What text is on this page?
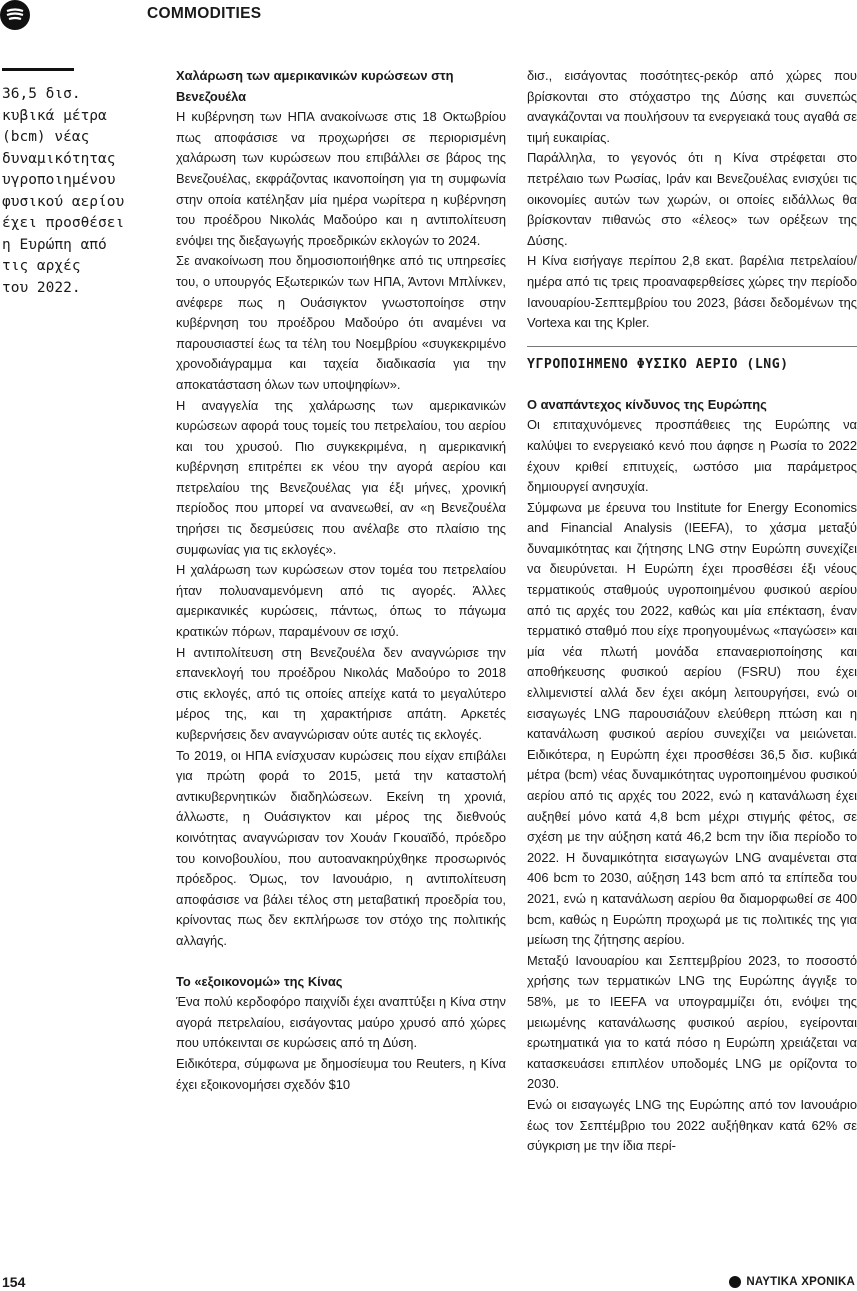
COMMODITIES
36,5 δισ.
κυβικά μέτρα
(bcm) νέας
δυναμικότητας
υγροποιημένου
φυσικού αερίου
έχει προσθέσει
η Ευρώπη από
τις αρχές
του 2022.
Χαλάρωση των αμερικανικών κυρώσεων στη Βενεζουέλα

Η κυβέρνηση των ΗΠΑ ανακοίνωσε στις 18 Οκτωβρίου πως αποφάσισε να προχωρήσει σε περιορισμένη χαλάρωση των κυρώσεων που επιβάλλει σε βάρος της Βενεζουέλας, εκφράζοντας ικανοποίηση για τη συμφωνία στην οποία κατέληξαν μία ημέρα νωρίτερα η κυβέρνηση του προέδρου Νικολάς Μαδούρο και η αντιπολίτευση ενόψει της διεξαγωγής προεδρικών εκλογών το 2024.

Σε ανακοίνωση που δημοσιοποιήθηκε από τις υπηρεσίες του, ο υπουργός Εξωτερικών των ΗΠΑ, Άντονι Μπλίνκεν, ανέφερε πως η Ουάσιγκτον γνωστοποίησε στην κυβέρνηση του προέδρου Μαδούρο ότι αναμένει να παρουσιαστεί έως τα τέλη του Νοεμβρίου «συγκεκριμένο χρονοδιάγραμμα και ταχεία διαδικασία για την αποκατάσταση όλων των υποψηφίων».

Η αναγγελία της χαλάρωσης των αμερικανικών κυρώσεων αφορά τους τομείς του πετρελαίου, του αερίου και του χρυσού. Πιο συγκεκριμένα, η αμερικανική κυβέρνηση επιτρέπει εκ νέου την αγορά αερίου και πετρελαίου της Βενεζουέλας για έξι μήνες, χρονική περίοδος που μπορεί να ανανεωθεί, αν «η Βενεζουέλα τηρήσει τις δεσμεύσεις που ανέλαβε στο πλαίσιο της συμφωνίας για τις εκλογές».

Η χαλάρωση των κυρώσεων στον τομέα του πετρελαίου ήταν πολυαναμενόμενη από τις αγορές. Άλλες αμερικανικές κυρώσεις, πάντως, όπως το πάγωμα κρατικών πόρων, παραμένουν σε ισχύ.

Η αντιπολίτευση στη Βενεζουέλα δεν αναγνώρισε την επανεκλογή του προέδρου Νικολάς Μαδούρο το 2018 στις εκλογές, από τις οποίες απείχε κατά το μεγαλύτερο μέρος της, και τη χαρακτήρισε απάτη. Αρκετές κυβερνήσεις δεν αναγνώρισαν ούτε αυτές τις εκλογές.

Το 2019, οι ΗΠΑ ενίσχυσαν κυρώσεις που είχαν επιβάλει για πρώτη φορά το 2015, μετά την καταστολή αντικυβερνητικών διαδηλώσεων. Εκείνη τη χρονιά, άλλωστε, η Ουάσιγκτον και μέρος της διεθνούς κοινότητας αναγνώρισαν τον Χουάν Γκουαϊδό, πρόεδρο του κοινοβουλίου, που αυτοανακηρύχθηκε προσωρινός πρόεδρος. Όμως, τον Ιανουάριο, η αντιπολίτευση αποφάσισε να βάλει τέλος στη μεταβατική προεδρία του, κρίνοντας πως δεν εκπλήρωσε τον στόχο της πολιτικής αλλαγής.

Το «εξοικονομώ» της Κίνας

Ένα πολύ κερδοφόρο παιχνίδι έχει αναπτύξει η Κίνα στην αγορά πετρελαίου, εισάγοντας μαύρο χρυσό από χώρες που υπόκεινται σε κυρώσεις από τη Δύση.

Ειδικότερα, σύμφωνα με δημοσίευμα του Reuters, η Κίνα έχει εξοικονομήσει σχεδόν $10

δισ., εισάγοντας ποσότητες-ρεκόρ από χώρες που βρίσκονται στο στόχαστρο της Δύσης και συνεπώς αναγκάζονται να πουλήσουν τα ενεργειακά τους αγαθά σε τιμή ευκαιρίας.

Παράλληλα, το γεγονός ότι η Κίνα στρέφεται στο πετρέλαιο των Ρωσίας, Ιράν και Βενεζουέλας ενισχύει τις οικονομίες αυτών των χωρών, οι οποίες ειδάλλως θα βρίσκονταν πιθανώς στο «έλεος» των ορέξεων της Δύσης.

Η Κίνα εισήγαγε περίπου 2,8 εκατ. βαρέλια πετρελαίου/ημέρα από τις τρεις προαναφερθείσες χώρες την περίοδο Ιανουαρίου-Σεπτεμβρίου του 2023, βάσει δεδομένων της Vortexa και της Kpler.

ΥΓΡΟΠΟΙΗΜΕΝΟ ΦΥΣΙΚΟ ΑΕΡΙΟ (LNG)
Ο αναπάντεχος κίνδυνος της Ευρώπης

Οι επιταχυνόμενες προσπάθειες της Ευρώπης να καλύψει το ενεργειακό κενό που άφησε η Ρωσία το 2022 έχουν κριθεί επιτυχείς, ωστόσο μια παράμετρος δημιουργεί ανησυχία.

Σύμφωνα με έρευνα του Institute for Energy Economics and Financial Analysis (IEEFA), το χάσμα μεταξύ δυναμικότητας και ζήτησης LNG στην Ευρώπη συνεχίζει να διευρύνεται. Η Ευρώπη έχει προσθέσει έξι νέους τερματικούς σταθμούς υγροποιημένου φυσικού αερίου από τις αρχές του 2022, καθώς και μία επέκταση, έναν τερματικό σταθμό που είχε προηγουμένως «παγώσει» και μία νέα πλωτή μονάδα επαναεριοποίησης και αποθήκευσης φυσικού αερίου (FSRU) που έχει ελλιμενιστεί αλλά δεν έχει ακόμη λειτουργήσει, ενώ οι εισαγωγές LNG παρουσιάζουν ελεύθερη πτώση και η κατανάλωση φυσικού αερίου συνεχίζει να μειώνεται. Ειδικότερα, η Ευρώπη έχει προσθέσει 36,5 δισ. κυβικά μέτρα (bcm) νέας δυναμικότητας υγροποιημένου φυσικού αερίου από τις αρχές του 2022, ενώ η κατανάλωση έχει αυξηθεί μόνο κατά 4,8 bcm μέχρι στιγμής φέτος, σε σχέση με την αύξηση κατά 46,2 bcm την ίδια περίοδο το 2022. Η δυναμικότητα εισαγωγών LNG αναμένεται στα 406 bcm το 2030, αύξηση 143 bcm από τα επίπεδα του 2021, ενώ η κατανάλωση αερίου θα διαμορφωθεί σε 400 bcm, καθώς η Ευρώπη προχωρά με τις πολιτικές της για μείωση της ζήτησης αερίου.

Μεταξύ Ιανουαρίου και Σεπτεμβρίου 2023, το ποσοστό χρήσης των τερματικών LNG της Ευρώπης άγγιξε το 58%, με το IEEFA να υπογραμμίζει ότι, ενόψει της μειωμένης κατανάλωσης φυσικού αερίου, εγείρονται ερωτηματικά για το κατά πόσο η Ευρώπη χρειάζεται να κατασκευάσει επιπλέον υποδομές LNG με ορίζοντα το 2030.

Ενώ οι εισαγωγές LNG της Ευρώπης από τον Ιανουάριο έως τον Σεπτέμβριο του 2022 αυξήθηκαν κατά 62% σε σύγκριση με την ίδια περί-

154	ΝΑΥΤΙΚΑ ΧΡΟΝΙΚΑ
